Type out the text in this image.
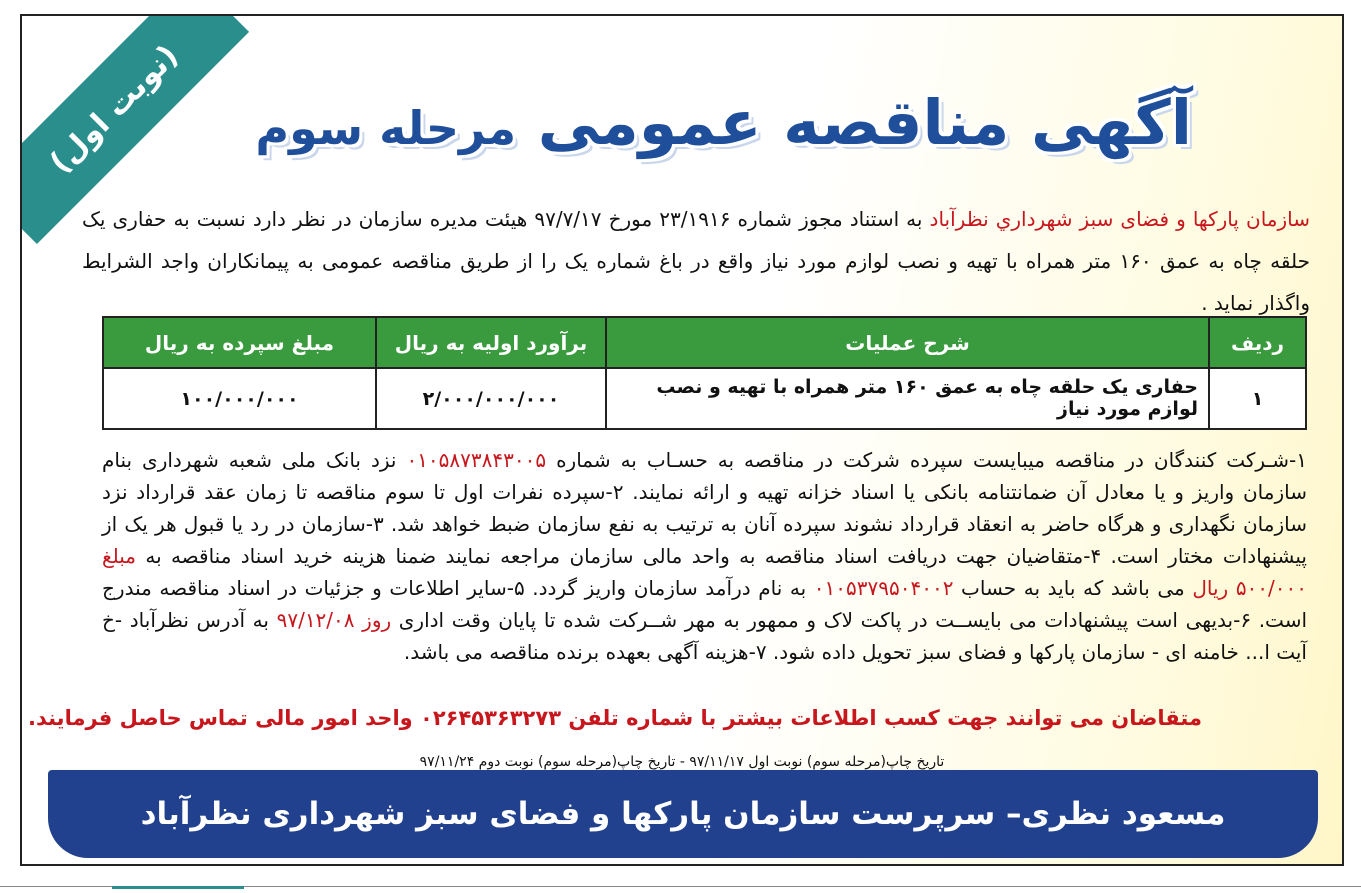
(نوبت اول)	آگهی مناقصه عمومی مرحله سوم

سازمان پارکها و فضای سبز شهرداري نظرآباد به استناد مجوز شماره ۲۳/۱۹۱۶ مورخ ۹۷/۷/۱۷ هیئت مدیره سازمان در نظر دارد نسبت به حفاری یک حلقه چاه به عمق ۱۶۰ متر همراه با تهیه و نصب لوازم مورد نیاز واقع در باغ شماره یک را از طریق مناقصه عمومی به پیمانکاران واجد الشرایط واگذار نماید .

ردیف	شرح عملیات	برآورد اولیه به ریال	مبلغ سپرده به ریال
۱	حفاری یک حلقه چاه به عمق ۱۶۰ متر همراه با تهیه و نصب لوازم مورد نیاز	۲/۰۰۰/۰۰۰/۰۰۰	۱۰۰/۰۰۰/۰۰۰

۱-شـرکت کنندگان در مناقصه میبایست سپرده شرکت در مناقصه به حسـاب به شماره ۰۱۰۵۸۷۳۸۴۳۰۰۵ نزد بانک ملی شعبه شهرداری بنام سازمان واریز و یا معادل آن ضمانتنامه بانکی یا اسناد خزانه تهیه و ارائه نمایند. ۲-سپرده نفرات اول تا سوم مناقصه تا زمان عقد قرارداد نزد سازمان نگهداری و هرگاه حاضر به انعقاد قرارداد نشوند سپرده آنان به ترتیب به نفع سازمان ضبط خواهد شد. ۳-سازمان در رد یا قبول هر یک از پیشنهادات مختار است. ۴-متقاضیان جهت دریافت اسناد مناقصه به واحد مالی سازمان مراجعه نمایند ضمنا هزینه خرید اسناد مناقصه به مبلغ ۵۰۰/۰۰۰ ریال می باشد که باید به حساب ۰۱۰۵۳۷۹۵۰۴۰۰۲ به نام درآمد سازمان واریز گردد. ۵-سایر اطلاعات و جزئیات در اسناد مناقصه مندرج است. ۶-بدیهی است پیشنهادات می بایســت در پاکت لاک و ممهور به مهر شــرکت شده تا پایان وقت اداری روز ۹۷/۱۲/۰۸ به آدرس نظرآباد -خ آیت ا... خامنه ای - سازمان پارکها و فضای سبز تحویل داده شود. ۷-هزینه آگهی بعهده برنده مناقصه می باشد.

متقاضان می توانند جهت کسب اطلاعات بیشتر با شماره تلفن ۰۲۶۴۵۳۶۳۲۷۳ واحد امور مالی تماس حاصل فرمایند.

تاریخ چاپ(مرحله سوم) نوبت اول ۹۷/۱۱/۱۷ - تاریخ چاپ(مرحله سوم) نوبت دوم ۹۷/۱۱/۲۴

مسعود نظری– سرپرست سازمان پارکها و فضای سبز شهرداری نظرآباد
